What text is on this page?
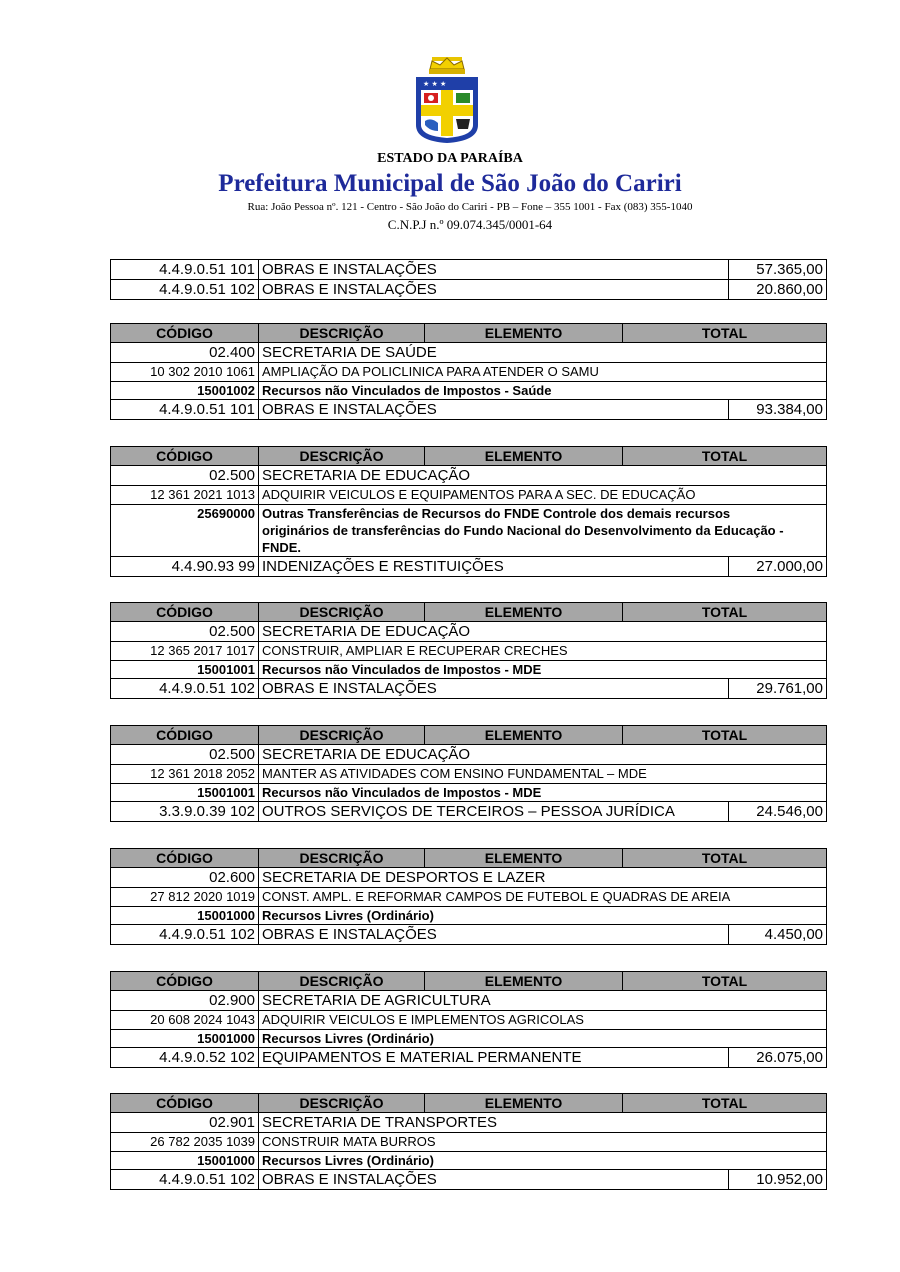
★ ★ ★
ESTADO DA PARAÍBA
Prefeitura Municipal de São João do Cariri
Rua: João Pessoa nº. 121 - Centro - São João do Cariri - PB – Fone – 355 1001 - Fax (083) 355-1040
C.N.P.J n.º 09.074.345/0001-64
4.4.9.0.51 101	OBRAS E INSTALAÇÕES	57.365,00
4.4.9.0.51 102	OBRAS E INSTALAÇÕES	20.860,00
CÓDIGO	DESCRIÇÃO	ELEMENTO	TOTAL	
02.400	SECRETARIA DE SAÚDE			
10 302 2010 1061	AMPLIAÇÃO DA POLICLINICA PARA ATENDER O SAMU			
15001002	Recursos não Vinculados de Impostos - Saúde			
4.4.9.0.51 101	OBRAS E INSTALAÇÕES			93.384,00
CÓDIGO	DESCRIÇÃO	ELEMENTO	TOTAL	
02.500	SECRETARIA DE EDUCAÇÃO			
12 361 2021 1013	ADQUIRIR VEICULOS E EQUIPAMENTOS PARA A SEC. DE EDUCAÇÃO			
25690000	Outras Transferências de Recursos do FNDE Controle dos demais recursos originários de transferências do Fundo Nacional do Desenvolvimento da Educação - FNDE.			
4.4.90.93 99	INDENIZAÇÕES E RESTITUIÇÕES			27.000,00
CÓDIGO	DESCRIÇÃO	ELEMENTO	TOTAL	
02.500	SECRETARIA DE EDUCAÇÃO			
12 365 2017 1017	CONSTRUIR, AMPLIAR E RECUPERAR CRECHES			
15001001	Recursos não Vinculados de Impostos - MDE			
4.4.9.0.51 102	OBRAS E INSTALAÇÕES			29.761,00
CÓDIGO	DESCRIÇÃO	ELEMENTO	TOTAL	
02.500	SECRETARIA DE EDUCAÇÃO			
12 361 2018 2052	MANTER AS ATIVIDADES COM ENSINO FUNDAMENTAL – MDE			
15001001	Recursos não Vinculados de Impostos - MDE			
3.3.9.0.39 102	OUTROS SERVIÇOS DE TERCEIROS – PESSOA JURÍDICA			24.546,00
CÓDIGO	DESCRIÇÃO	ELEMENTO	TOTAL	
02.600	SECRETARIA DE DESPORTOS E LAZER			
27 812 2020 1019	CONST. AMPL. E REFORMAR CAMPOS DE FUTEBOL E QUADRAS DE AREIA			
15001000	Recursos Livres (Ordinário)			
4.4.9.0.51 102	OBRAS E INSTALAÇÕES			4.450,00
CÓDIGO	DESCRIÇÃO	ELEMENTO	TOTAL	
02.900	SECRETARIA DE AGRICULTURA			
20 608 2024 1043	ADQUIRIR VEICULOS E IMPLEMENTOS AGRICOLAS			
15001000	Recursos Livres (Ordinário)			
4.4.9.0.52 102	EQUIPAMENTOS E MATERIAL PERMANENTE			26.075,00
CÓDIGO	DESCRIÇÃO	ELEMENTO	TOTAL	
02.901	SECRETARIA DE TRANSPORTES			
26 782 2035 1039	CONSTRUIR MATA BURROS			
15001000	Recursos Livres (Ordinário)			
4.4.9.0.51 102	OBRAS E INSTALAÇÕES			10.952,00
